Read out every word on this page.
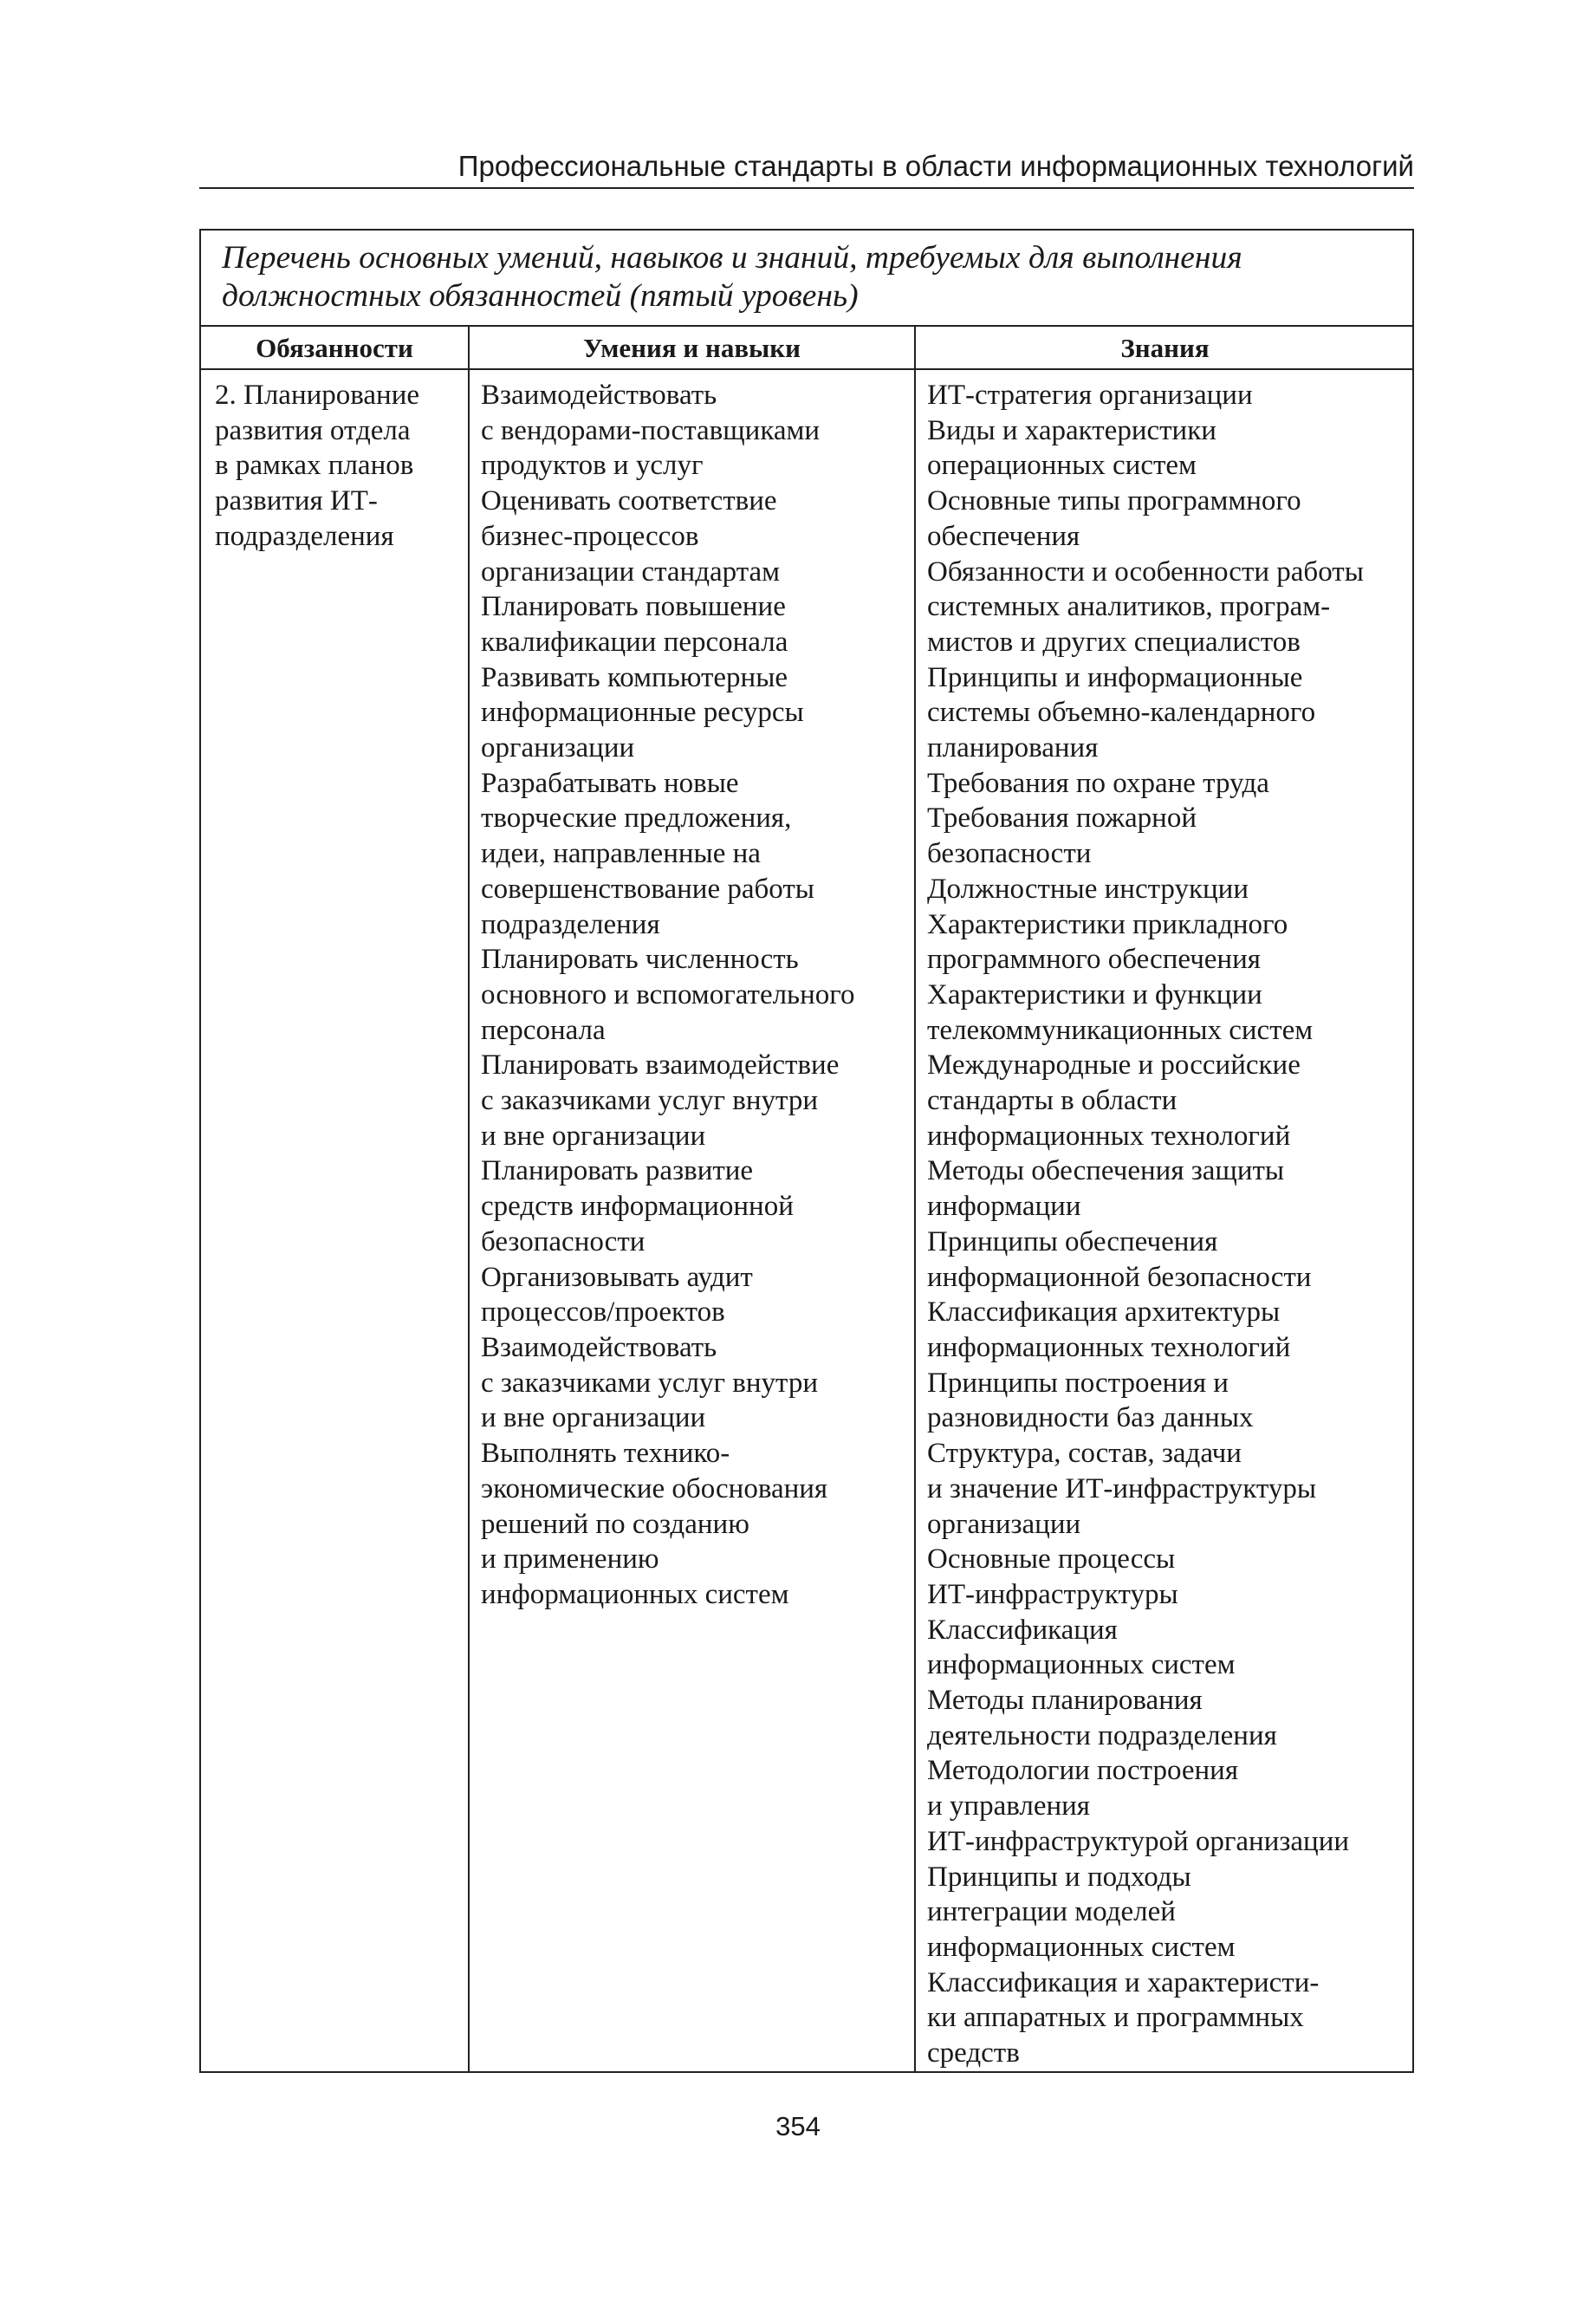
Профессиональные стандарты в области информационных технологий
Перечень основных умений, навыков и знаний, требуемых для выполнения
должностных обязанностей (пятый уровень)
Обязанности	Умения и навыки	Знания
2. Планирование
развития отдела
в рамках планов
развития ИТ-
подразделения
Взаимодействовать
с вендорами-поставщиками
продуктов и услуг
Оценивать соответствие
бизнес-процессов
организации стандартам
Планировать повышение
квалификации персонала
Развивать компьютерные
информационные ресурсы
организации
Разрабатывать новые
творческие предложения,
идеи, направленные на
совершенствование работы
подразделения
Планировать численность
основного и вспомогательного
персонала
Планировать взаимодействие
с заказчиками услуг внутри
и вне организации
Планировать развитие
средств информационной
безопасности
Организовывать аудит
процессов/проектов
Взаимодействовать
с заказчиками услуг внутри
и вне организации
Выполнять технико-
экономические обоснования
решений по созданию
и применению
информационных систем
ИТ-стратегия организации
Виды и характеристики
операционных систем
Основные типы программного
обеспечения
Обязанности и особенности работы
системных аналитиков, програм-
мистов и других специалистов
Принципы и информационные
системы объемно-календарного
планирования
Требования по охране труда
Требования пожарной
безопасности
Должностные инструкции
Характеристики прикладного
программного обеспечения
Характеристики и функции
телекоммуникационных систем
Международные и российские
стандарты в области
информационных технологий
Методы обеспечения защиты
информации
Принципы обеспечения
информационной безопасности
Классификация архитектуры
информационных технологий
Принципы построения и
разновидности баз данных
Структура, состав, задачи
и значение ИТ-инфраструктуры
организации
Основные процессы
ИТ-инфраструктуры
Классификация
информационных систем
Методы планирования
деятельности подразделения
Методологии построения
и управления
ИТ-инфраструктурой организации
Принципы и подходы
интеграции моделей
информационных систем
Классификация и характеристи-
ки аппаратных и программных
средств
354
